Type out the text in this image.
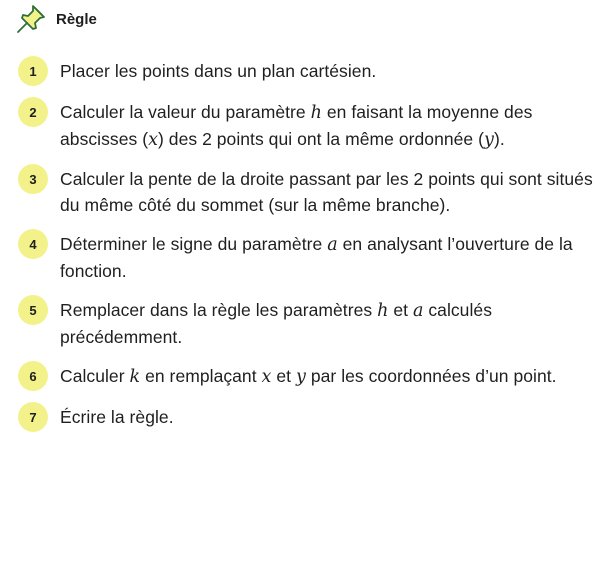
Règle
1	Placer les points dans un plan cartésien.
2	Calculer la valeur du paramètre h en faisant la moyenne des abscisses (x) des 2 points qui ont la même ordonnée (y).
3	Calculer la pente de la droite passant par les 2 points qui sont situés du même côté du sommet (sur la même branche).
4	Déterminer le signe du paramètre a en analysant l’ouverture de la fonction.
5	Remplacer dans la règle les paramètres h et a calculés précédemment.
6	Calculer k en remplaçant x et y par les coordonnées d’un point.
7	Écrire la règle.
